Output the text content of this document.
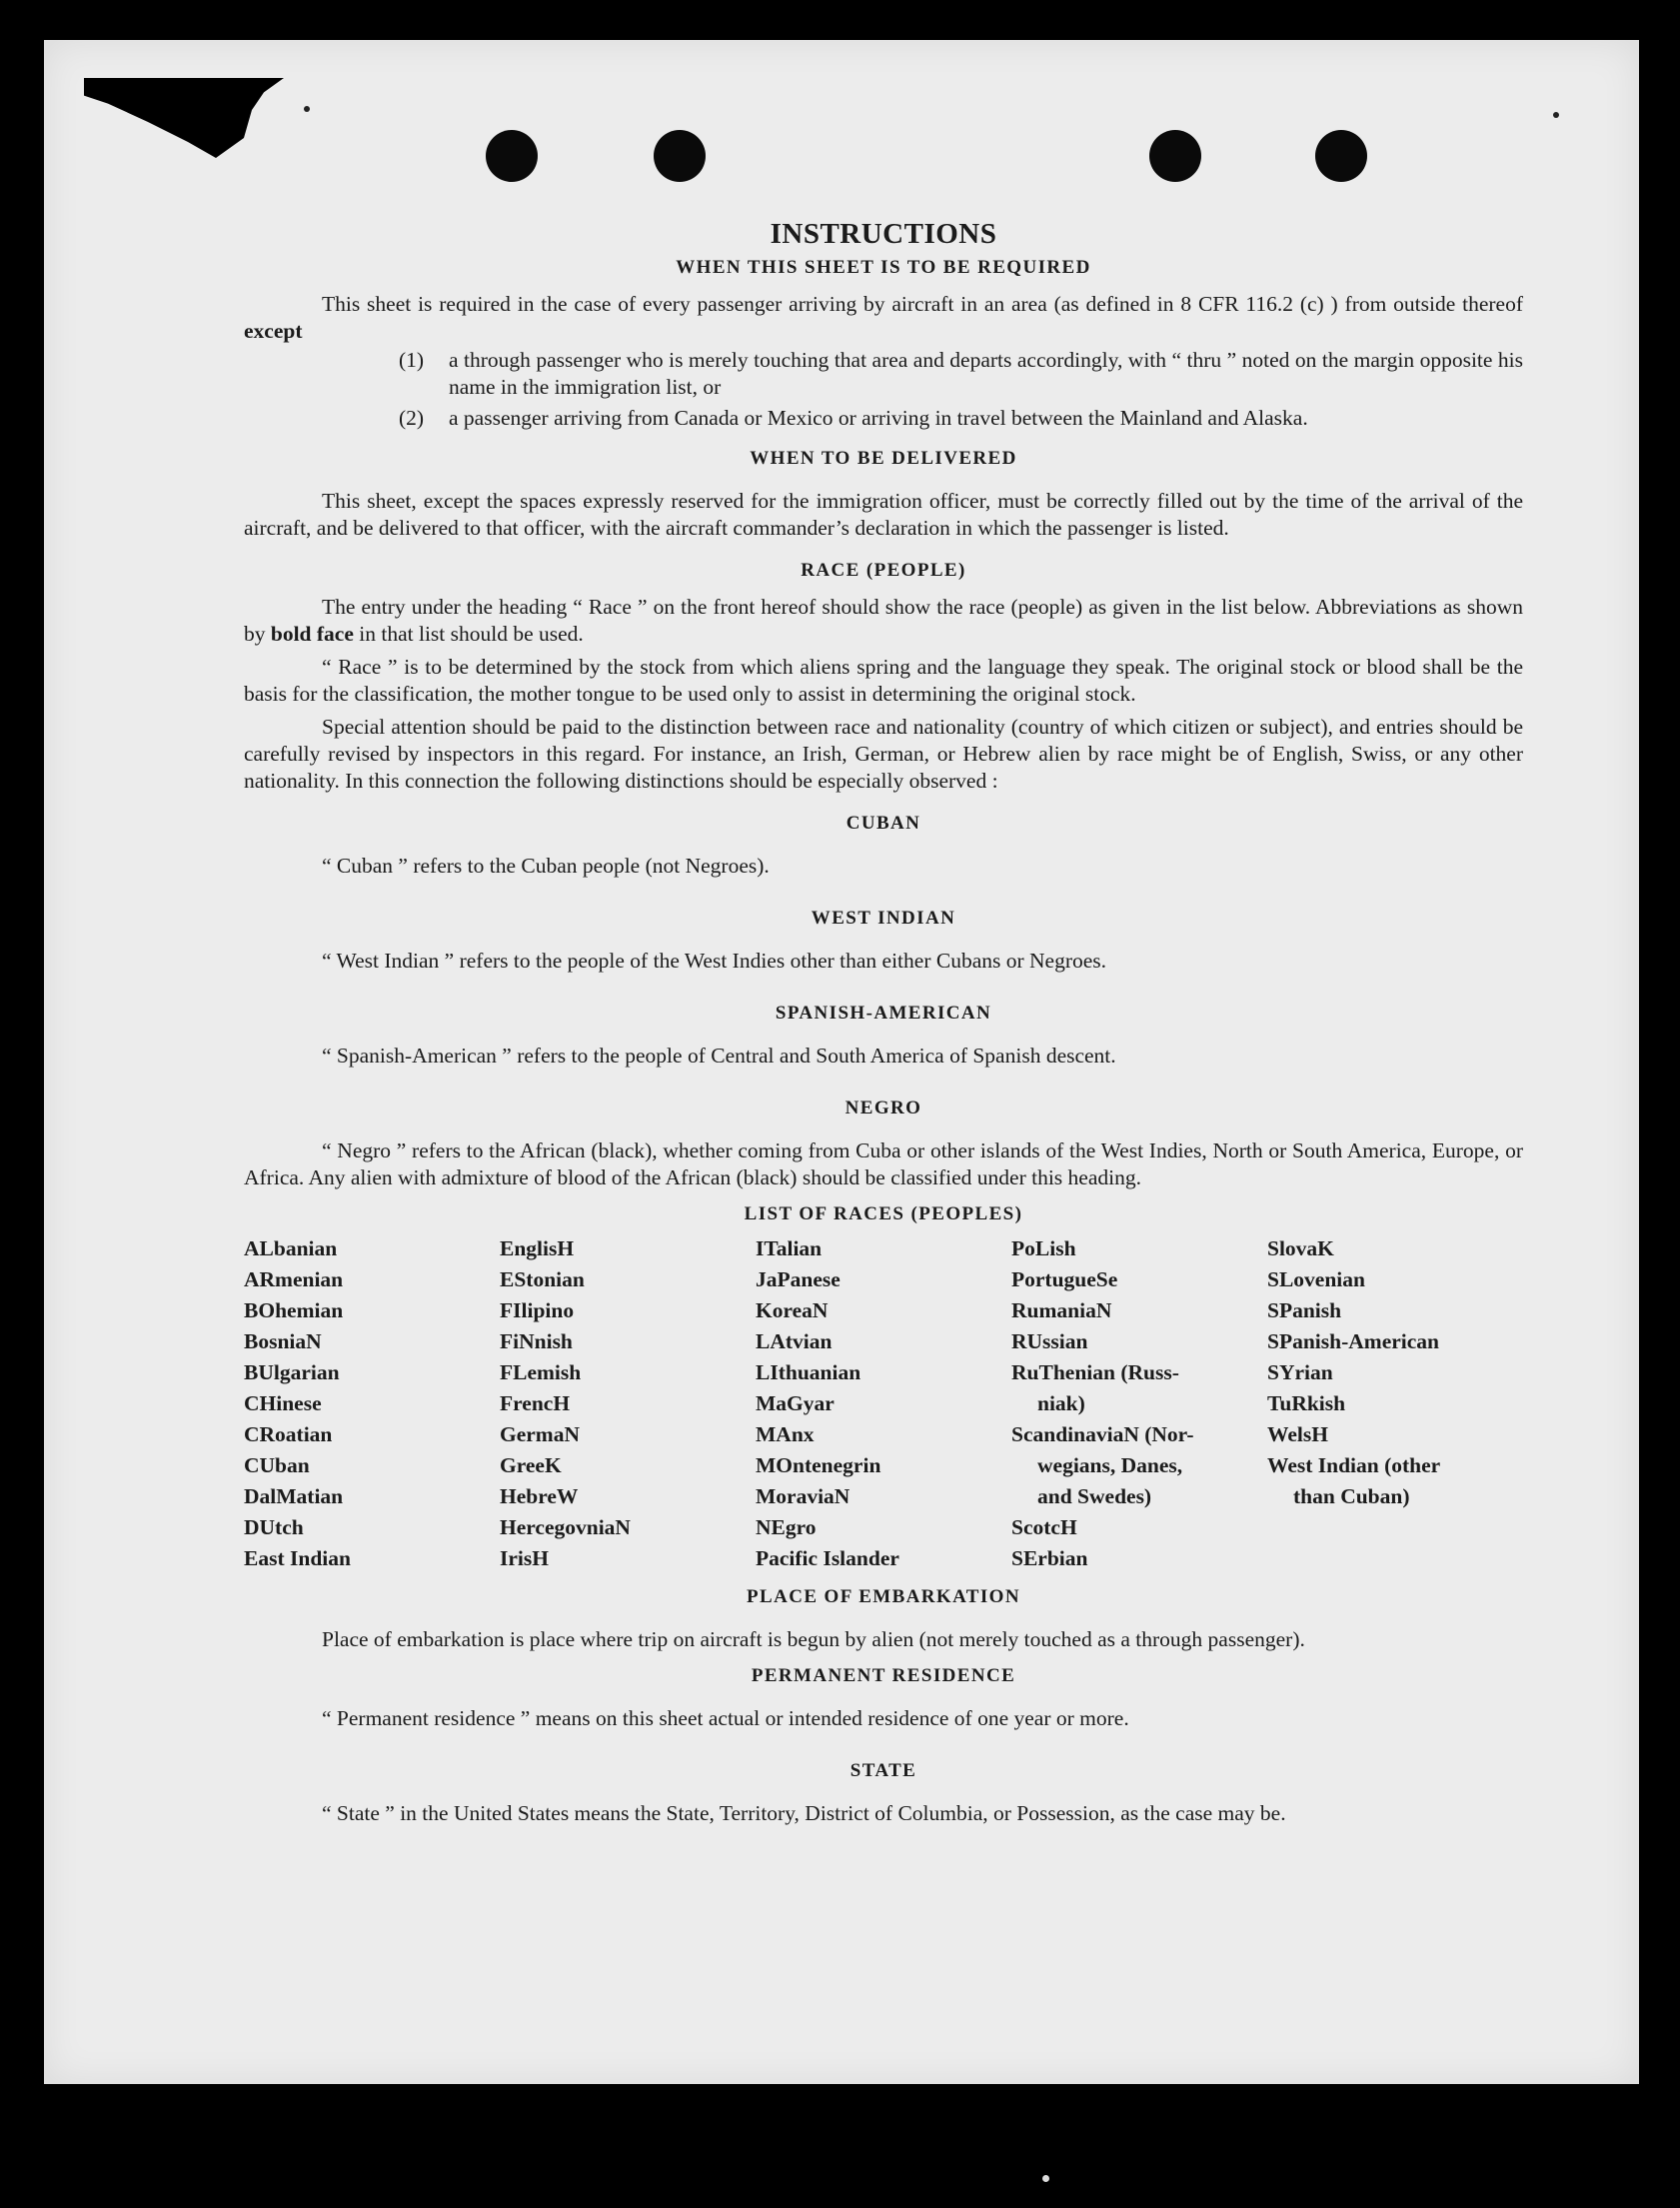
INSTRUCTIONS
WHEN THIS SHEET IS TO BE REQUIRED

This sheet is required in the case of every passenger arriving by aircraft in an area (as defined in 8 CFR 116.2 (c) ) from outside thereof except

(1)	a through passenger who is merely touching that area and departs accordingly, with “ thru ” noted on the margin opposite his name in the immigration list, or
(2)	a passenger arriving from Canada or Mexico or arriving in travel between the Mainland and Alaska.
WHEN TO BE DELIVERED

This sheet, except the spaces expressly reserved for the immigration officer, must be correctly filled out by the time of the arrival of the aircraft, and be delivered to that officer, with the aircraft commander’s declaration in which the passenger is listed.

RACE (PEOPLE)

The entry under the heading “ Race ” on the front hereof should show the race (people) as given in the list below. Abbreviations as shown by bold face in that list should be used.

“ Race ” is to be determined by the stock from which aliens spring and the language they speak. The original stock or blood shall be the basis for the classification, the mother tongue to be used only to assist in determining the original stock.

Special attention should be paid to the distinction between race and nationality (country of which citizen or subject), and entries should be carefully revised by inspectors in this regard. For instance, an Irish, German, or Hebrew alien by race might be of English, Swiss, or any other nationality. In this connection the following distinctions should be especially observed :

CUBAN

“ Cuban ” refers to the Cuban people (not Negroes).

WEST INDIAN

“ West Indian ” refers to the people of the West Indies other than either Cubans or Negroes.

SPANISH-AMERICAN

“ Spanish-American ” refers to the people of Central and South America of Spanish descent.

NEGRO

“ Negro ” refers to the African (black), whether coming from Cuba or other islands of the West Indies, North or South America, Europe, or Africa. Any alien with admixture of blood of the African (black) should be classified under this heading.

LIST OF RACES (PEOPLES)
ALbanian
ARmenian
BOhemian
BosniaN
BUlgarian
CHinese
CRoatian
CUban
DalMatian
DUtch
East Indian
EnglisH
EStonian
FIlipino
FiNnish
FLemish
FrencH
GermaN
GreeK
HebreW
HercegovniaN
IrisH
ITalian
JaPanese
KoreaN
LAtvian
LIthuanian
MaGyar
MAnx
MOntenegrin
MoraviaN
NEgro
Pacific Islander
PoLish
PortugueSe
RumaniaN
RUssian
RuThenian (Russ-
niak)
ScandinaviaN (Nor-
wegians, Danes,
and Swedes)
ScotcH
SErbian
SlovaK
SLovenian
SPanish
SPanish-American
SYrian
TuRkish
WelsH
West Indian (other
than Cuban)
PLACE OF EMBARKATION

Place of embarkation is place where trip on aircraft is begun by alien (not merely touched as a through passenger).

PERMANENT RESIDENCE

“ Permanent residence ” means on this sheet actual or intended residence of one year or more.

STATE

“ State ” in the United States means the State, Territory, District of Columbia, or Possession, as the case may be.
